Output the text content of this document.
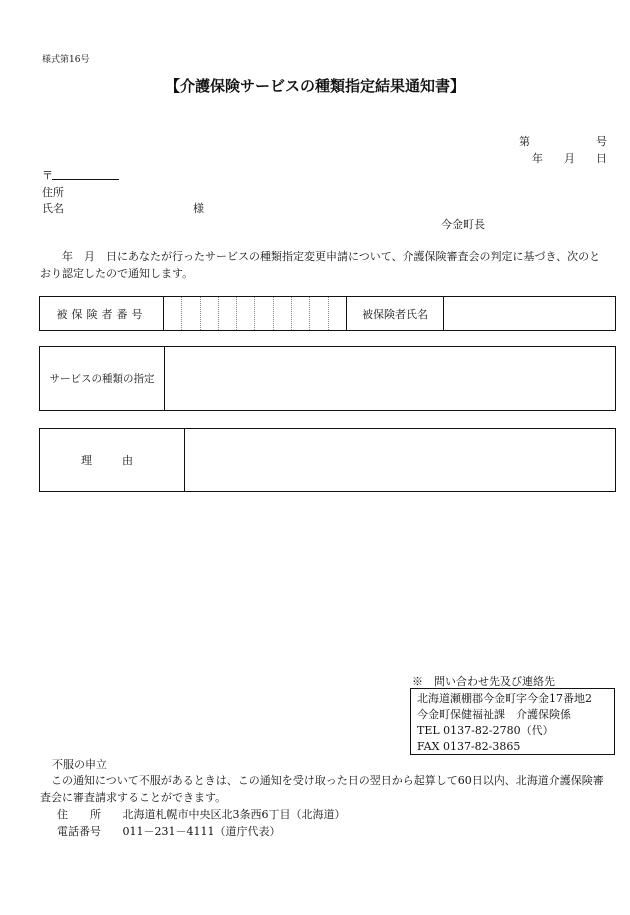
様式第16号
【介護保険サービスの種類指定結果通知書】
第	号
年 月 日
〒
住所
氏名	様
今金町長
　　年　月　日にあなたが行ったサービスの種類指定変更申請について、介護保険審査会の判定に基づき、次のとおり認定したので通知します。
被保険者番号		被保険者氏名	
サービスの種類の指定	
理由	
※　問い合わせ先及び連絡先
北海道瀬棚郡今金町字今金17番地2
今金町保健福祉課　介護保険係
TEL 0137-82-2780（代）
FAX 0137-82-3865
不服の申立
この通知について不服があるときは、この通知を受け取った日の翌日から起算して60日以内、北海道介護保険審査会に審査請求することができます。
住　　所 北海道札幌市中央区北3条西6丁目（北海道）
電話番号 011－231－4111（道庁代表）
